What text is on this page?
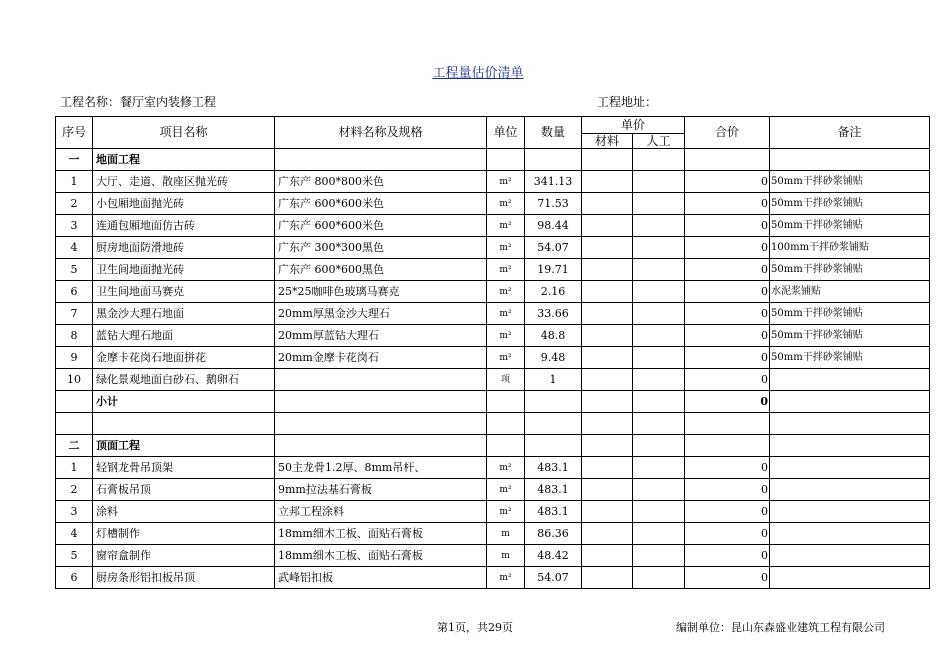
工程量估价清单
工程名称：餐厅室内装修工程	工程地址：
序号	项目名称	材料名称及规格	单位	数量	单价		合价	备注
					材料	人工		
一	地面工程							
1	大厅、走道、散座区抛光砖	广东产 800*800米色	m²	341.13			0	50mm干拌砂浆铺贴
2	小包厢地面抛光砖	广东产 600*600米色	m²	71.53			0	50mm干拌砂浆铺贴
3	连通包厢地面仿古砖	广东产 600*600米色	m²	98.44			0	50mm干拌砂浆铺贴
4	厨房地面防滑地砖	广东产 300*300黑色	m²	54.07			0	100mm干拌砂浆铺贴
5	卫生间地面抛光砖	广东产 600*600黑色	m²	19.71			0	50mm干拌砂浆铺贴
6	卫生间地面马赛克	25*25咖啡色玻璃马赛克	m²	2.16			0	水泥浆铺贴
7	黑金沙大理石地面	20mm厚黑金沙大理石	m²	33.66			0	50mm干拌砂浆铺贴
8	蓝钻大理石地面	20mm厚蓝钻大理石	m²	48.8			0	50mm干拌砂浆铺贴
9	金摩卡花岗石地面拼花	20mm金摩卡花岗石	m²	9.48			0	50mm干拌砂浆铺贴
10	绿化景观地面白砂石、鹅卵石		项	1			0	
	小计						0	

二	顶面工程							
1	轻钢龙骨吊顶架	50主龙骨1.2厚、8mm吊杆、	m²	483.1			0	
2	石膏板吊顶	9mm拉法基石膏板	m²	483.1			0	
3	涂料	立邦工程涂料	m²	483.1			0	
4	灯槽制作	18mm细木工板、面贴石膏板	m	86.36			0	
5	窗帘盒制作	18mm细木工板、面贴石膏板	m	48.42			0	
6	厨房条形铝扣板吊顶	武峰铝扣板	m²	54.07			0	
第1页，共29页	编制单位：昆山东森盛业建筑工程有限公司
